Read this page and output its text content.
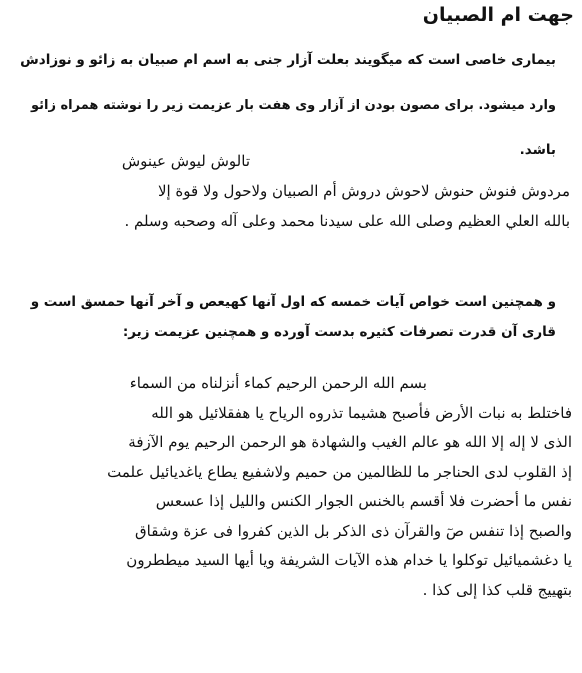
جهت ام الصبیان

بیماری خاصی است که میگویند بعلت آزار جنی به اسم ام صبیان به زائو و نوزادش

وارد میشود. برای مصون بودن از آزار وی هفت بار عزیمت زیر را نوشته همراه زائو

باشد.

تالوش لیوش عینوش

مردوش فنوش حنوش لاحوش دروش أم الصبیان ولاحول ولا قوة إلا

بالله العلي العظیم وصلى الله علی سیدنا محمد وعلی آله وصحبه وسلم .

و همچنین است خواص آیات خمسه که اول آنها کهیعص و آخر آنها حمسق است و

قاری آن قدرت تصرفات کثیره بدست آورده و همچنین عزیمت زیر:

بسم الله الرحمن الرحیم كماء أنزلناه من السماء

فاختلط به نبات الأرض فأصبح هشیما تذروه الریاح یا هفقلائیل هو الله

الذی لا إله إلا الله هو عالم الغیب والشهادة هو الرحمن الرحیم یوم الآزفة

إذ القلوب لدی الحناجر ما للظالمین من حمیم ولاشفیع یطاع یاغدیائیل علمت

نفس ما أحضرت فلا أقسم بالخنس الجوار الكنس والليل إذا عسعس

والصبح إذا تنفس صٓ والقرآن ذی الذكر بل الذین كفروا فی عزة وشقاق

یا دغشمیائیل توكلوا یا خدام هذه الآیات الشریفة ویا أیها السید میططرون

بتهییج قلب كذا إلی كذا .
